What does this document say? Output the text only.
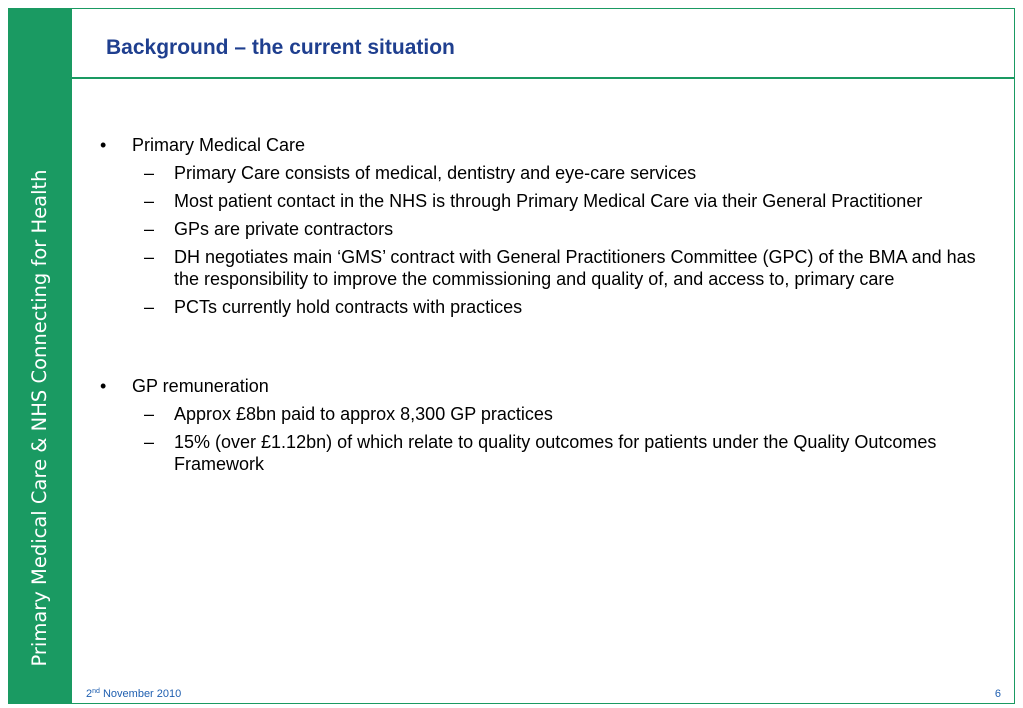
Primary Medical Care & NHS Connecting for Health
Background – the current situation
•	Primary Medical Care
–	Primary Care consists of medical, dentistry and eye-care services
–	Most patient contact in the NHS is through Primary Medical Care via their General Practitioner
–	GPs are private contractors
–	DH negotiates main ‘GMS’ contract with General Practitioners Committee (GPC) of the BMA and has the responsibility to improve the commissioning and quality of, and access to, primary care
–	PCTs currently hold contracts with practices
•	GP remuneration
–	Approx £8bn paid to approx 8,300 GP practices
–	15% (over £1.12bn) of which relate to quality outcomes for patients under the Quality Outcomes Framework
2nd November 2010	6
